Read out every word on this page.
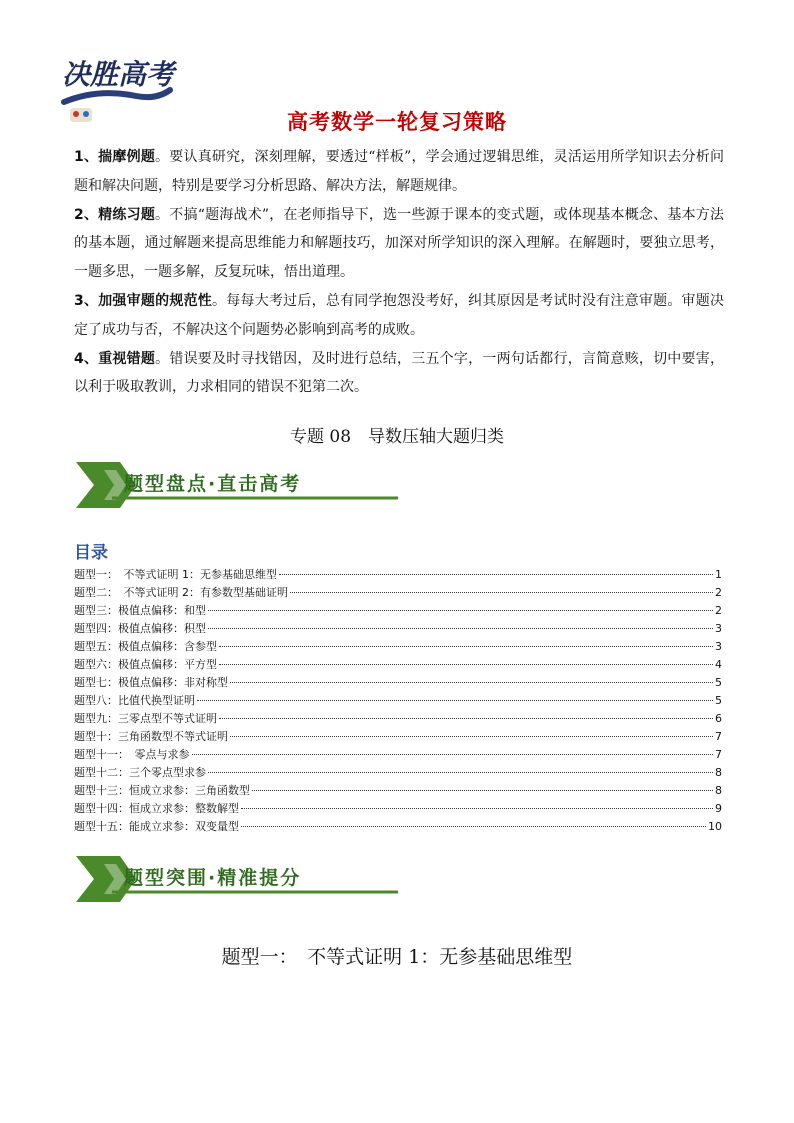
决胜高考
高考数学一轮复习策略

1、揣摩例题。要认真研究，深刻理解，要透过“样板”，学会通过逻辑思维，灵活运用所学知识去分析问题和解决问题，特别是要学习分析思路、解决方法，解题规律。

2、精练习题。不搞“题海战术”，在老师指导下，选一些源于课本的变式题，或体现基本概念、基本方法的基本题，通过解题来提高思维能力和解题技巧，加深对所学知识的深入理解。在解题时，要独立思考，一题多思，一题多解，反复玩味，悟出道理。

3、加强审题的规范性。每每大考过后，总有同学抱怨没考好，纠其原因是考试时没有注意审题。审题决定了成功与否，不解决这个问题势必影响到高考的成败。

4、重视错题。错误要及时寻找错因，及时进行总结，三五个字，一两句话都行，言简意赅，切中要害，以利于吸取教训，力求相同的错误不犯第二次。

专题 08　导数压轴大题归类
题型盘点·直击高考
目录
题型一：　不等式证明 1：无参基础思维型	1
题型二：　不等式证明 2：有参数型基础证明	2
题型三：极值点偏移：和型	2
题型四：极值点偏移：积型	3
题型五：极值点偏移：含参型	3
题型六：极值点偏移：平方型	4
题型七：极值点偏移：非对称型	5
题型八：比值代换型证明	5
题型九：三零点型不等式证明	6
题型十：三角函数型不等式证明	7
题型十一：　零点与求参	7
题型十二：三个零点型求参	8
题型十三：恒成立求参：三角函数型	8
题型十四：恒成立求参：整数解型	9
题型十五：能成立求参：双变量型	10
题型突围·精准提分
题型一：　不等式证明 1：无参基础思维型
